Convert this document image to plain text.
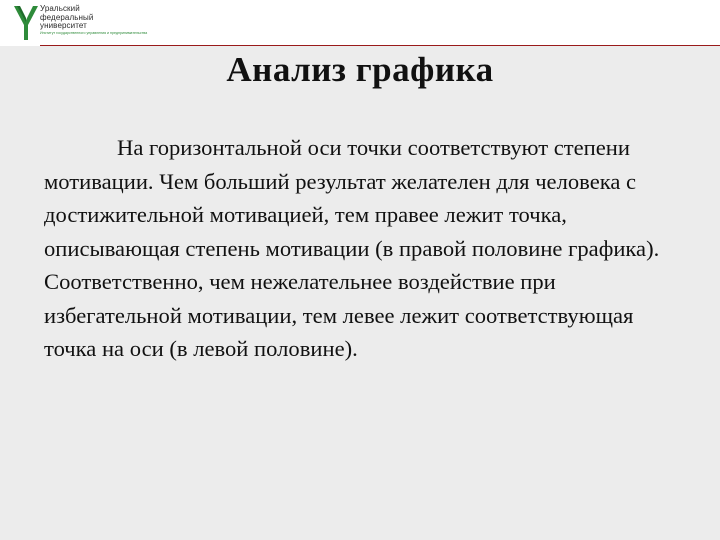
Уральский
федеральный
университет
Институт государственного управления и предпринимательства
Анализ графика

На горизонтальной оси точки соответствуют степени мотивации. Чем больший результат желателен для человека с достижительной мотивацией, тем правее лежит точка, описывающая степень мотивации (в правой половине графика). Соответственно, чем нежелательнее воздействие при избегательной мотивации, тем левее лежит соответствующая точка на оси (в левой половине).
